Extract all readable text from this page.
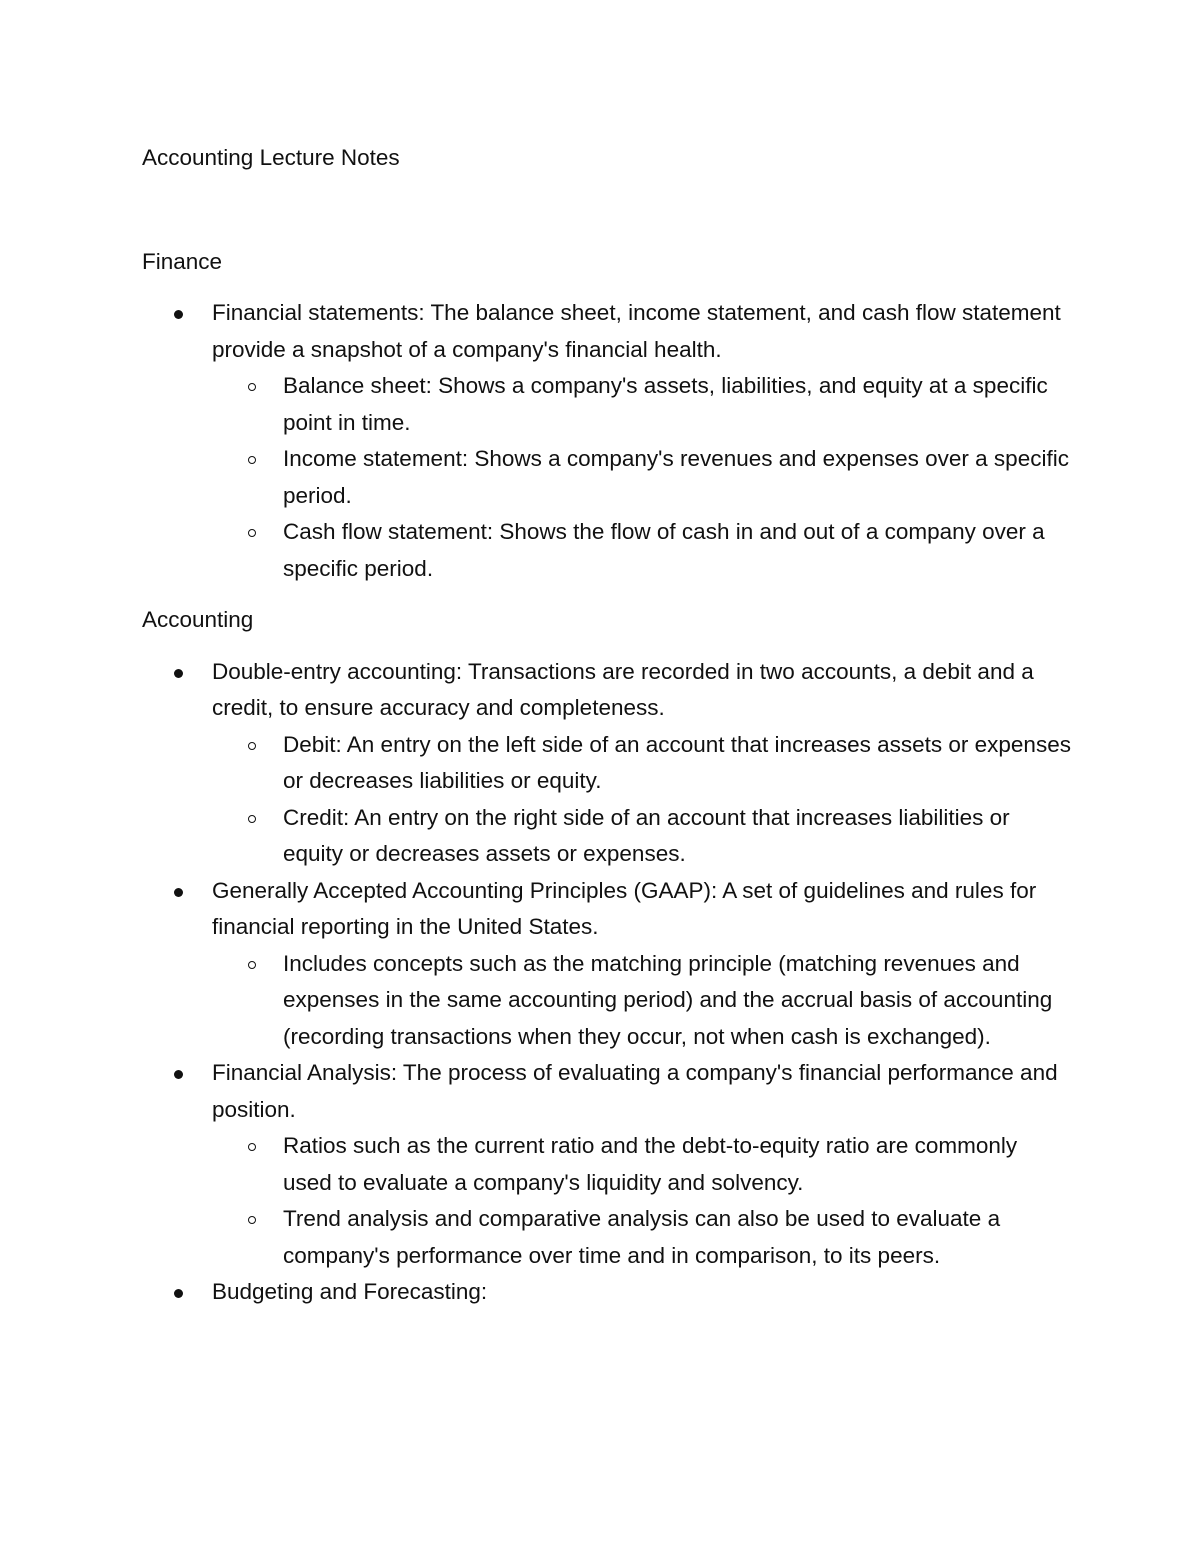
Accounting Lecture Notes
Finance
Financial statements: The balance sheet, income statement, and cash flow statement provide a snapshot of a company's financial health.
Balance sheet: Shows a company's assets, liabilities, and equity at a specific point in time.
Income statement: Shows a company's revenues and expenses over a specific period.
Cash flow statement: Shows the flow of cash in and out of a company over a specific period.
Accounting
Double-entry accounting: Transactions are recorded in two accounts, a debit and a credit, to ensure accuracy and completeness.
Debit: An entry on the left side of an account that increases assets or expenses or decreases liabilities or equity.
Credit: An entry on the right side of an account that increases liabilities or equity or decreases assets or expenses.
Generally Accepted Accounting Principles (GAAP): A set of guidelines and rules for financial reporting in the United States.
Includes concepts such as the matching principle (matching revenues and expenses in the same accounting period) and the accrual basis of accounting (recording transactions when they occur, not when cash is exchanged).
Financial Analysis: The process of evaluating a company's financial performance and position.
Ratios such as the current ratio and the debt-to-equity ratio are commonly used to evaluate a company's liquidity and solvency.
Trend analysis and comparative analysis can also be used to evaluate a company's performance over time and in comparison, to its peers.
Budgeting and Forecasting:
